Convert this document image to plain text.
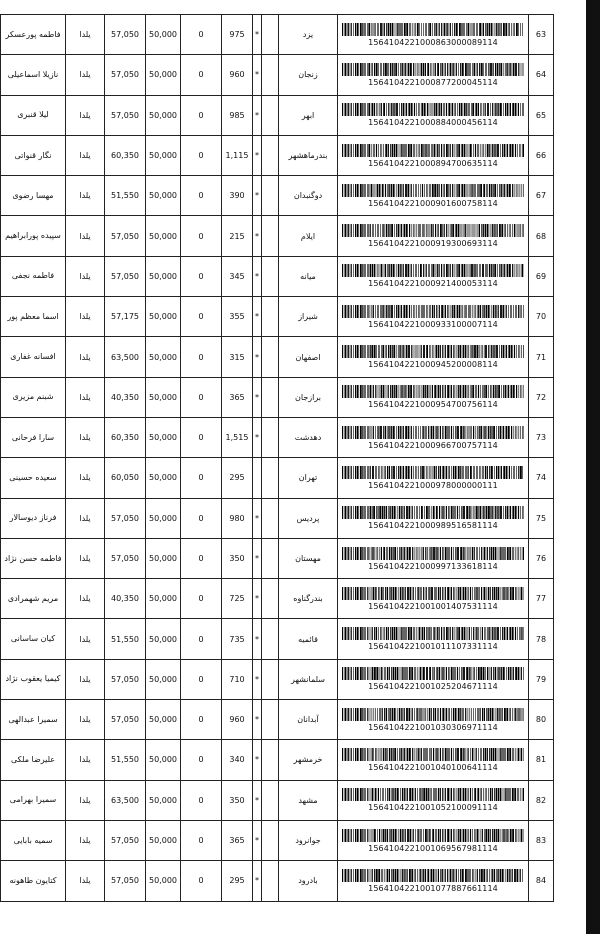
فاطمه پورعسکر	یلدا	57,050	50,000	0	975	*		یزد	1564104221000863000089114	63
نازیلا اسماعیلی	یلدا	57,050	50,000	0	960	*		زنجان	1564104221000877200045114	64
لیلا قنبری	یلدا	57,050	50,000	0	985	*		ابهر	1564104221000884000456114	65
نگار قنواتی	یلدا	60,350	50,000	0	1,115	*		بندرماهشهر	1564104221000894700635114	66
مهسا رضوی	یلدا	51,550	50,000	0	390	*		دوگنبدان	1564104221000901600758114	67
سپیده پورابراهیم	یلدا	57,050	50,000	0	215	*		ایلام	1564104221000919300693114	68
فاطمه نجفی	یلدا	57,050	50,000	0	345	*		میانه	1564104221000921400053114	69
اسما معظم پور	یلدا	57,175	50,000	0	355	*		شیراز	1564104221000933100007114	70
افسانه غفاری	یلدا	63,500	50,000	0	315	*		اصفهان	1564104221000945200008114	71
شبنم مزیری	یلدا	40,350	50,000	0	365	*		برازجان	1564104221000954700756114	72
سارا فرحانی	یلدا	60,350	50,000	0	1,515	*		دهدشت	1564104221000966700757114	73
سعیده حسینی	یلدا	60,050	50,000	0	295			تهران	1564104221000978000000111	74
فرناز دیوسالار	یلدا	57,050	50,000	0	980	*		پردیس	1564104221000989516581114	75
فاطمه حسن نژاد	یلدا	57,050	50,000	0	350	*		مهستان	1564104221000997133618114	76
مریم شهمرادی	یلدا	40,350	50,000	0	725	*		بندرگناوه	1564104221001001407531114	77
کیان ساسانی	یلدا	51,550	50,000	0	735	*		قائمیه	1564104221001011107331114	78
کیمیا یعقوب نژاد	یلدا	57,050	50,000	0	710	*		سلمانشهر	1564104221001025204671114	79
سمیرا عبدالهی	یلدا	57,050	50,000	0	960	*		آبدانان	1564104221001030306971114	80
علیرضا ملکی	یلدا	51,550	50,000	0	340	*		خرمشهر	1564104221001040100641114	81
سمیرا بهرامی	یلدا	63,500	50,000	0	350	*		مشهد	1564104221001052100091114	82
سمیه بابایی	یلدا	57,050	50,000	0	365	*		جوانرود	1564104221001069567981114	83
کتایون طاهونه	یلدا	57,050	50,000	0	295	*		بادرود	1564104221001077887661114	84
